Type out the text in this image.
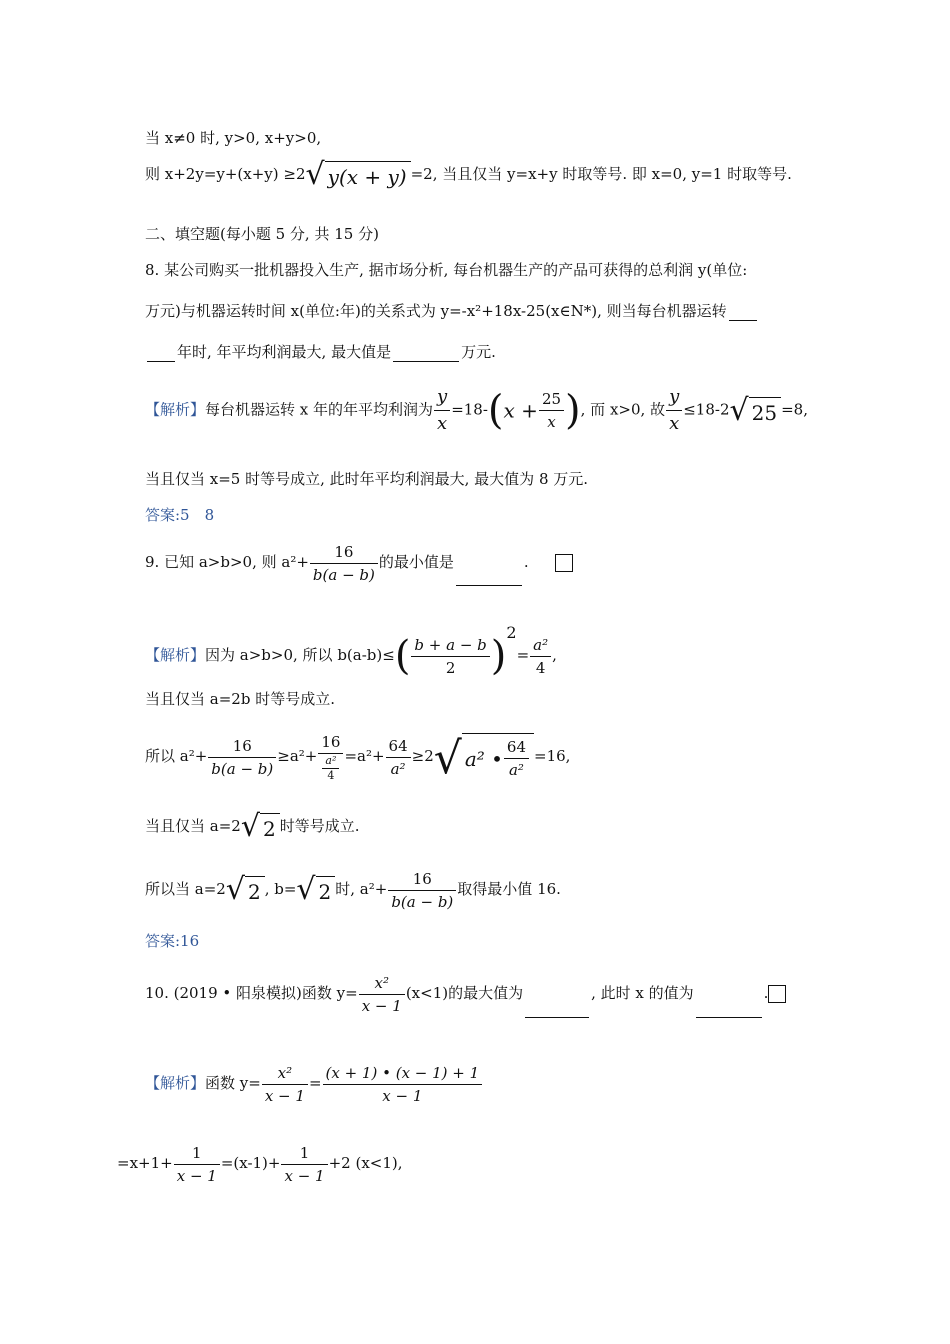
当 x≠0 时, y>0, x+y>0,
则 x+2y=y+(x+y) ≥2 √ y(x + y) =2, 当且仅当 y=x+y 时取等号. 即 x=0, y=1 时取等号.
二、填空题(每小题 5 分, 共 15 分)
8. 某公司购买一批机器投入生产, 据市场分析, 每台机器生产的产品可获得的总利润 y(单位:
万元)与机器运转时间 x(单位:年)的关系式为 y=-x²+18x-25(x∈N*), 则当每台机器运转
年时, 年平均利润最大, 最大值是	万元.
【解析】每台机器运转 x 年的年平均利润为 $\frac{y}{x} =18-(x + \frac{25}{x}$ ), 而 x>0, 故 $\frac{y}{x} \le 18-2$ √ 25 =8,
当且仅当 x=5 时等号成立, 此时年平均利润最大, 最大值为 8 万元.
答案:5　8
9. 已知 a>b>0, 则 $a^2+ \frac{16}{b(a - b)}$ 的最小值是	.
【解析】因为 a>b>0, 所以 $b(a-b)\le( \frac{b + a - b}{2} )^2= \frac{\text{a²}}{4}$ ,
当且仅当 a=2b 时等号成立.
所以 $a^2+ \frac{16}{b(a - b)} \ge a^2+ 16$
a²
$4 =a^2+ \frac{64}{\text{a²}} \ge 2$ √ a² • $\frac{64}{\text{a²}} =16$,
当且仅当 a=2 √ 2 时等号成立.
所以当 a=2 √ 2 , b= √ 2 时, $a^2+ \frac{16}{b(a - b)}$ 取得最小值 16.
答案:16
10. (2019 • 阳泉模拟)函数 $y= \frac{\text{x²}}{x - 1} (x<1)$的最大值为	, 此时 x 的值为	.
【解析】函数 $y= \frac{\text{x²}}{x - 1} = \frac{(x + 1) • (x - 1) + 1}{x - 1}$
$=x+1+ \frac{1}{x - 1} =(x-1)+ \frac{1}{x - 1} +2$ (x<1),
